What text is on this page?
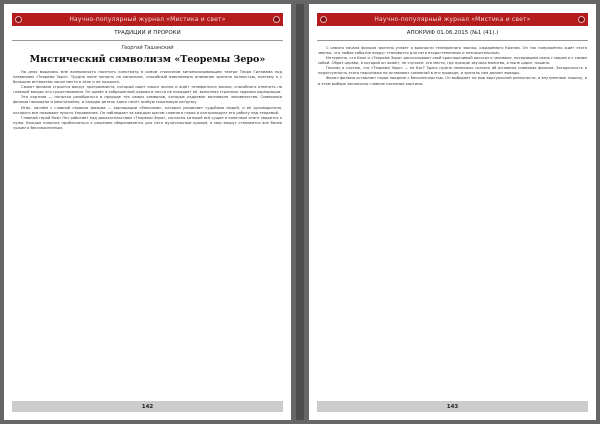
Научно-популярный журнал «Мистика и свет»
ТРАДИЦИИ И ПРОРОКИ
Георгий Ташанский
Мистический символизм «Теоремы Зеро»

На днях выдалась мне возможность посетить кинотеатр в самом столичном кинопоказывающем театре Терри Гиллиама под названием «Теорема Зеро». Трудно ныне попасть на киносеанс, способный взволновать внимание зрителя полностью, поэтому я с большим интересом занял место в зале и не пожалел.

Сюжет фильма строится вокруг программиста, который ищет смысл жизни и ждёт телефонного звонка, способного ответить на главный вопрос его существования. Он живёт в заброшенной церкви и почти не покидает её, выполняя странные задания корпорации.

Эта картина — попытка разобраться в природе тех самых символов, которые издревле волновали человечество. Символика фильма насыщена и многослойна, и каждая деталь здесь несёт особую смысловую нагрузку.

Итак, начнём с главной героини фильма — корпорации «Манкомм», которая управляет судьбами людей, и её руководителя, которого все называют просто Управление. Он наблюдает за каждым шагом главного героя и контролирует его работу над теоремой.

Главный герой Коэн Лет работает над доказательством «Теоремы Зеро», согласно которой всё сущее в конечном итоге сводится к нулю. Каждая попытка приблизиться к решению оборачивается для него мучительным крахом, а мир вокруг становится всё более чужим и бессмысленным.

142
Научно-популярный журнал «Мистика и свет»
АПОКРИФ 01.06.2015 (№1 (41).)

С самого начала фильма зритель узнаёт о важности телефонного звонка, ожидаемого Коэном. Он так напряжённо ждёт этого звонка, что любое событие вокруг становится для него второстепенным и незначительным.

Интересно, что Коэн и «Теорема Зеро» рассказывают свой красноречивый рассказ о человеке, потерявшем связь с миром и с самим собой. Образ церкви, в которой он живёт, не случаен: это место, где прежде звучала молитва, а ныне царит тишина.

Почему я считаю, что «Теорема Зеро» — не Бог? Здесь нужно немножко сказать об основных символах фильма. Загадочность и недоступность этого персонажа не оставляют сомнений в его природе, и зритель сам делает выводы.

Финал фильма оставляет героя наедине с бесконечностью. Он выбирает не мир виртуальной реальности, а внутреннюю тишину, и в этом выборе заключено главное послание картины.

143
